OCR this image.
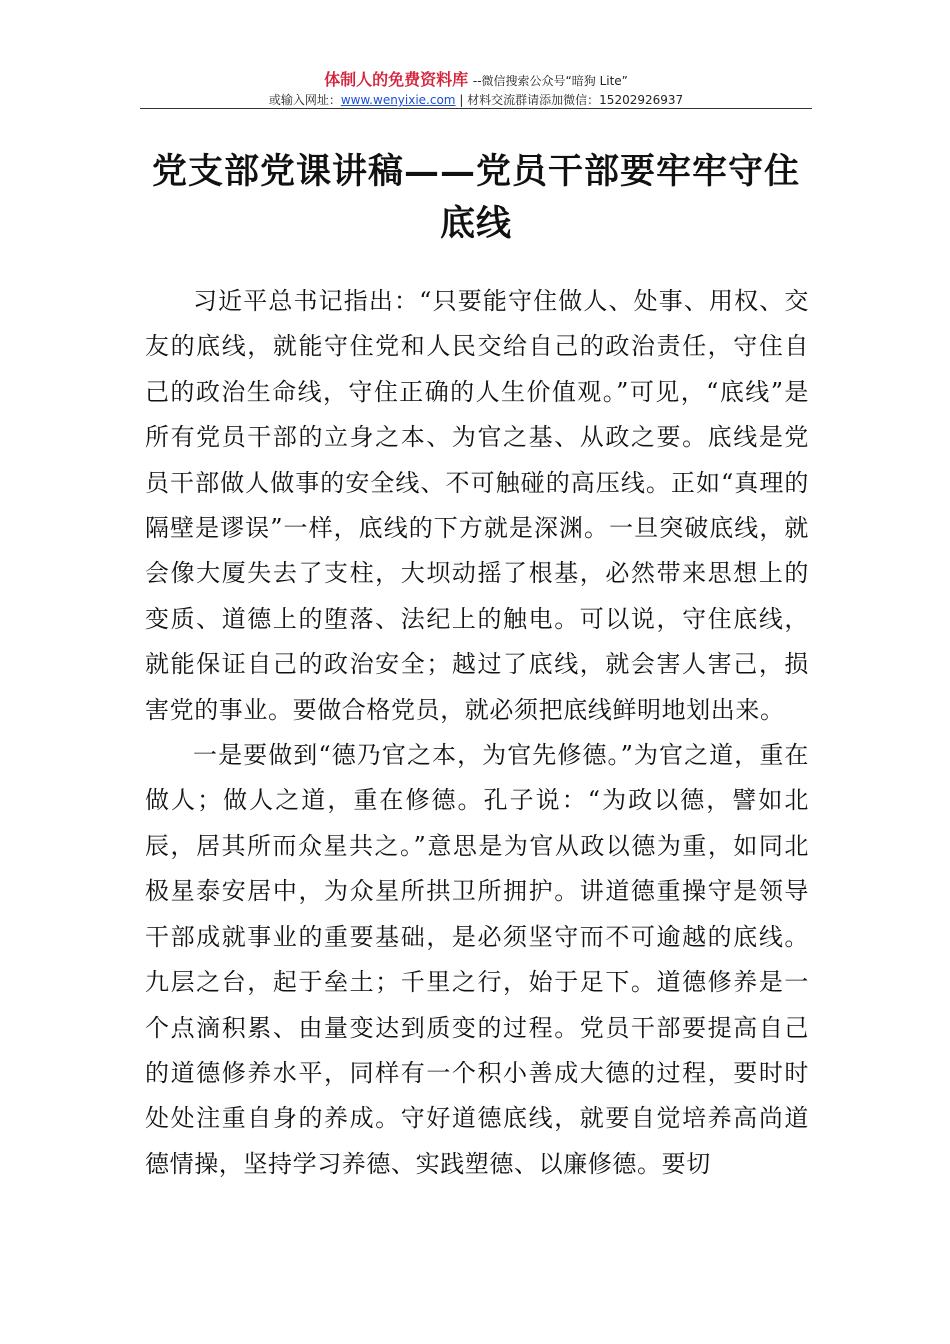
体制人的免费资料库 --微信搜索公众号“暗狗 Lite”
或输入网址：www.wenyixie.com | 材料交流群请添加微信：15202926937
党支部党课讲稿——党员干部要牢牢守住底线

习近平总书记指出：“只要能守住做人、处事、用权、交友的底线，就能守住党和人民交给自己的政治责任，守住自己的政治生命线，守住正确的人生价值观。”可见，“底线”是所有党员干部的立身之本、为官之基、从政之要。底线是党员干部做人做事的安全线、不可触碰的高压线。正如“真理的隔壁是谬误”一样，底线的下方就是深渊。一旦突破底线，就会像大厦失去了支柱，大坝动摇了根基，必然带来思想上的变质、道德上的堕落、法纪上的触电。可以说，守住底线，就能保证自己的政治安全；越过了底线，就会害人害己，损害党的事业。要做合格党员，就必须把底线鲜明地划出来。

一是要做到“德乃官之本，为官先修德。”为官之道，重在做人；做人之道，重在修德。孔子说：“为政以德，譬如北辰，居其所而众星共之。”意思是为官从政以德为重，如同北极星泰安居中，为众星所拱卫所拥护。讲道德重操守是领导干部成就事业的重要基础，是必须坚守而不可逾越的底线。九层之台，起于垒土；千里之行，始于足下。道德修养是一个点滴积累、由量变达到质变的过程。党员干部要提高自己的道德修养水平，同样有一个积小善成大德的过程，要时时处处注重自身的养成。守好道德底线，就要自觉培养高尚道德情操，坚持学习养德、实践塑德、以廉修德。要切
